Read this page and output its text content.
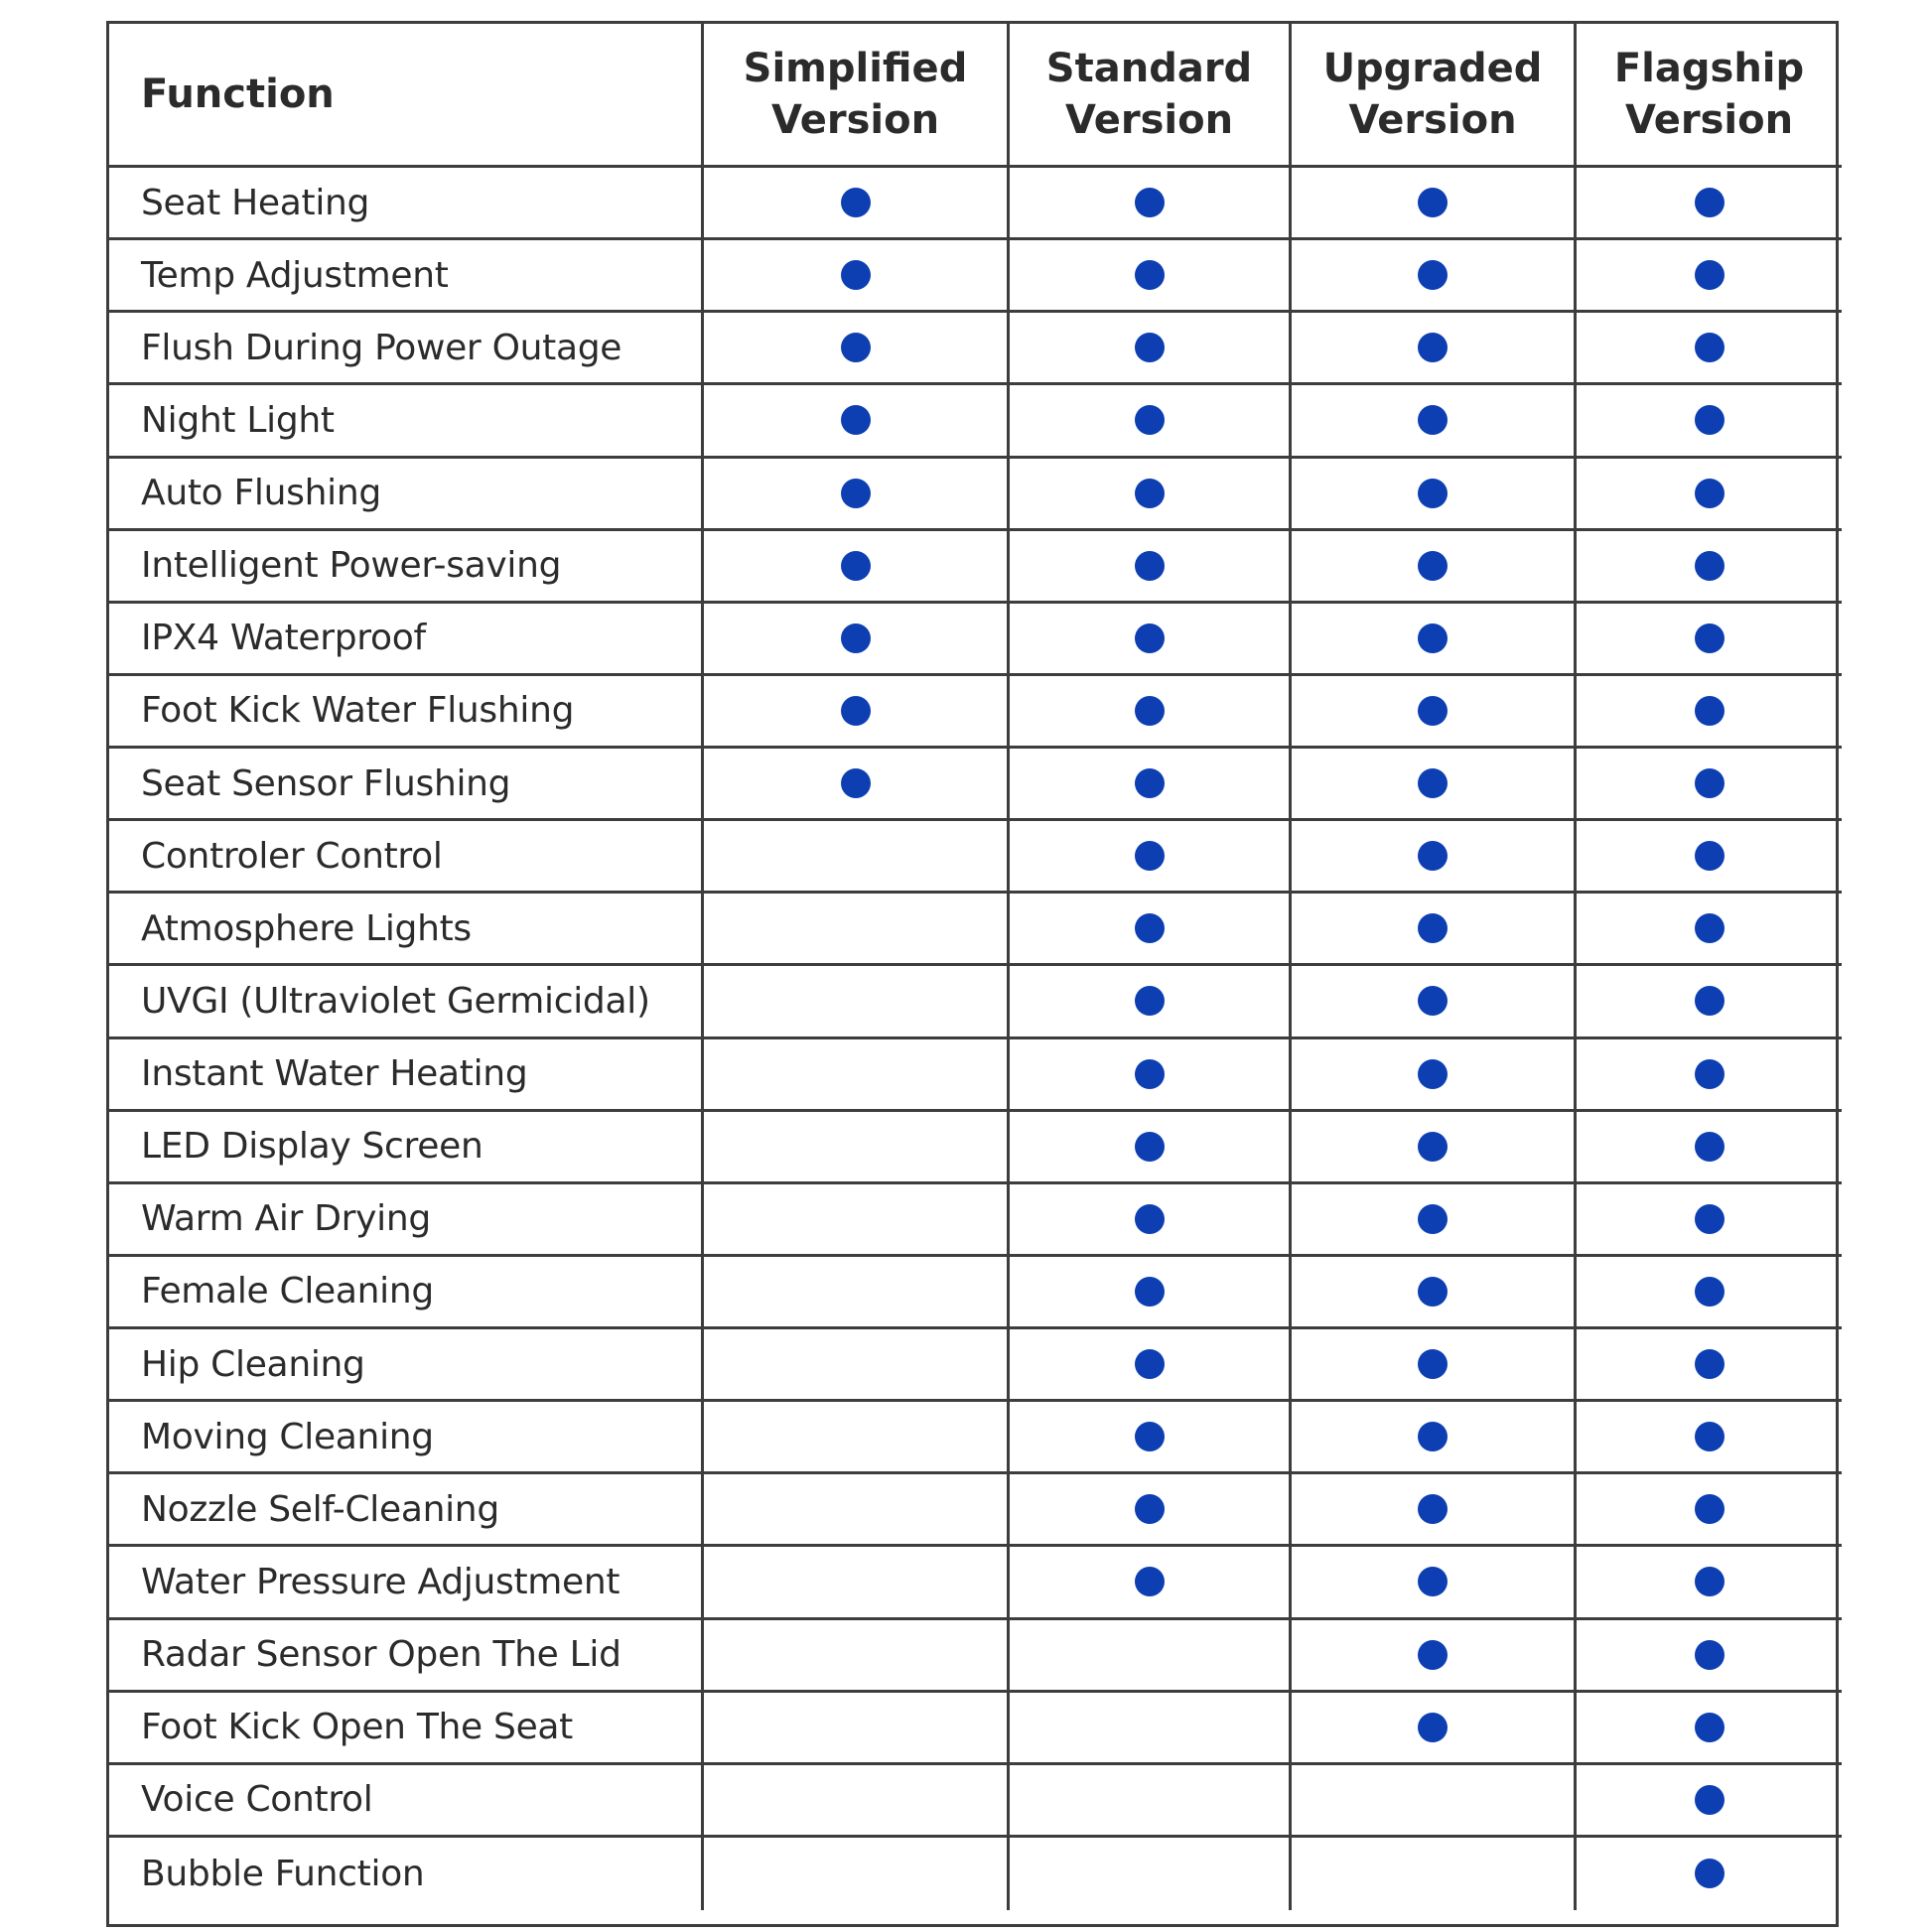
Function
Simplified
Version
Standard
Version
Upgraded
Version
Flagship
Version
Seat Heating
Temp Adjustment
Flush During Power Outage
Night Light
Auto Flushing
Intelligent Power-saving
IPX4 Waterproof
Foot Kick Water Flushing
Seat Sensor Flushing
Controler Control
Atmosphere Lights
UVGI (Ultraviolet Germicidal)
Instant Water Heating
LED Display Screen
Warm Air Drying
Female Cleaning
Hip Cleaning
Moving Cleaning
Nozzle Self-Cleaning
Water Pressure Adjustment
Radar Sensor Open The Lid
Foot Kick Open The Seat
Voice Control
Bubble Function
